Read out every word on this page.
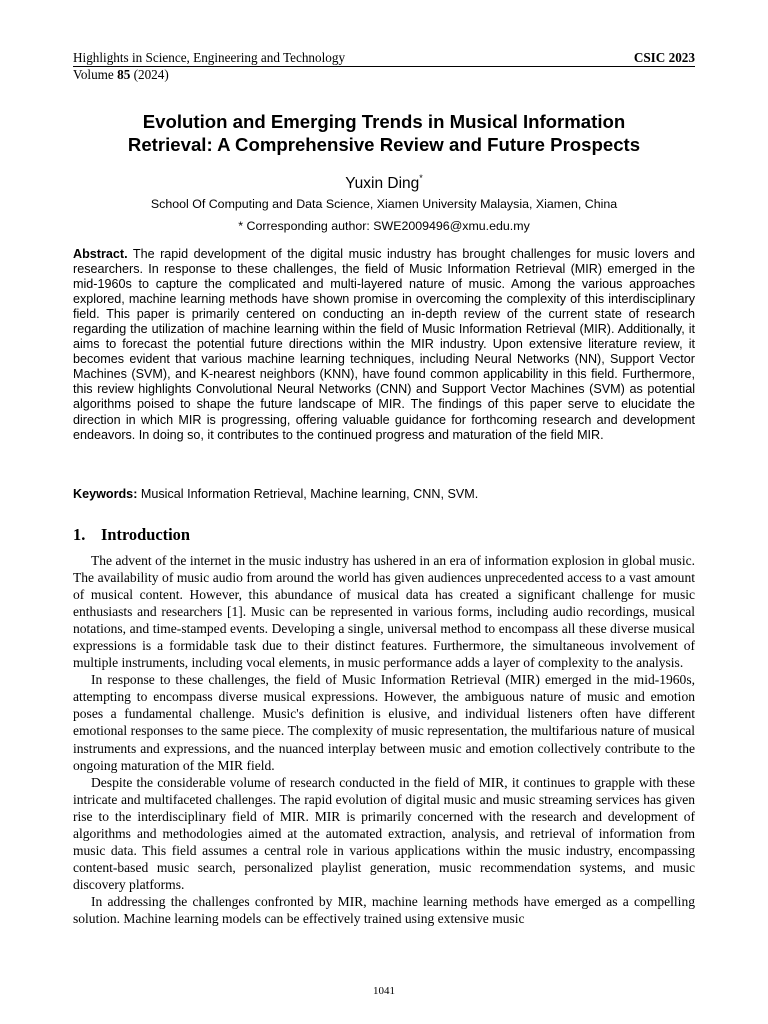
Highlights in Science, Engineering and Technology	CSIC 2023
Volume 85 (2024)
Evolution and Emerging Trends in Musical Information
Retrieval: A Comprehensive Review and Future Prospects
Yuxin Ding*
School Of Computing and Data Science, Xiamen University Malaysia, Xiamen, China
* Corresponding author: SWE2009496@xmu.edu.my

Abstract. The rapid development of the digital music industry has brought challenges for music lovers and researchers. In response to these challenges, the field of Music Information Retrieval (MIR) emerged in the mid-1960s to capture the complicated and multi-layered nature of music. Among the various approaches explored, machine learning methods have shown promise in overcoming the complexity of this interdisciplinary field. This paper is primarily centered on conducting an in-depth review of the current state of research regarding the utilization of machine learning within the field of Music Information Retrieval (MIR). Additionally, it aims to forecast the potential future directions within the MIR industry. Upon extensive literature review, it becomes evident that various machine learning techniques, including Neural Networks (NN), Support Vector Machines (SVM), and K-nearest neighbors (KNN), have found common applicability in this field. Furthermore, this review highlights Convolutional Neural Networks (CNN) and Support Vector Machines (SVM) as potential algorithms poised to shape the future landscape of MIR. The findings of this paper serve to elucidate the direction in which MIR is progressing, offering valuable guidance for forthcoming research and development endeavors. In doing so, it contributes to the continued progress and maturation of the field MIR.

Keywords: Musical Information Retrieval, Machine learning, CNN, SVM.

1. Introduction

The advent of the internet in the music industry has ushered in an era of information explosion in global music. The availability of music audio from around the world has given audiences unprecedented access to a vast amount of musical content. However, this abundance of musical data has created a significant challenge for music enthusiasts and researchers [1]. Music can be represented in various forms, including audio recordings, musical notations, and time-stamped events. Developing a single, universal method to encompass all these diverse musical expressions is a formidable task due to their distinct features. Furthermore, the simultaneous involvement of multiple instruments, including vocal elements, in music performance adds a layer of complexity to the analysis.

In response to these challenges, the field of Music Information Retrieval (MIR) emerged in the mid-1960s, attempting to encompass diverse musical expressions. However, the ambiguous nature of music and emotion poses a fundamental challenge. Music's definition is elusive, and individual listeners often have different emotional responses to the same piece. The complexity of music representation, the multifarious nature of musical instruments and expressions, and the nuanced interplay between music and emotion collectively contribute to the ongoing maturation of the MIR field.

Despite the considerable volume of research conducted in the field of MIR, it continues to grapple with these intricate and multifaceted challenges. The rapid evolution of digital music and music streaming services has given rise to the interdisciplinary field of MIR. MIR is primarily concerned with the research and development of algorithms and methodologies aimed at the automated extraction, analysis, and retrieval of information from music data. This field assumes a central role in various applications within the music industry, encompassing content-based music search, personalized playlist generation, music recommendation systems, and music discovery platforms.

In addressing the challenges confronted by MIR, machine learning methods have emerged as a compelling solution. Machine learning models can be effectively trained using extensive music

1041
